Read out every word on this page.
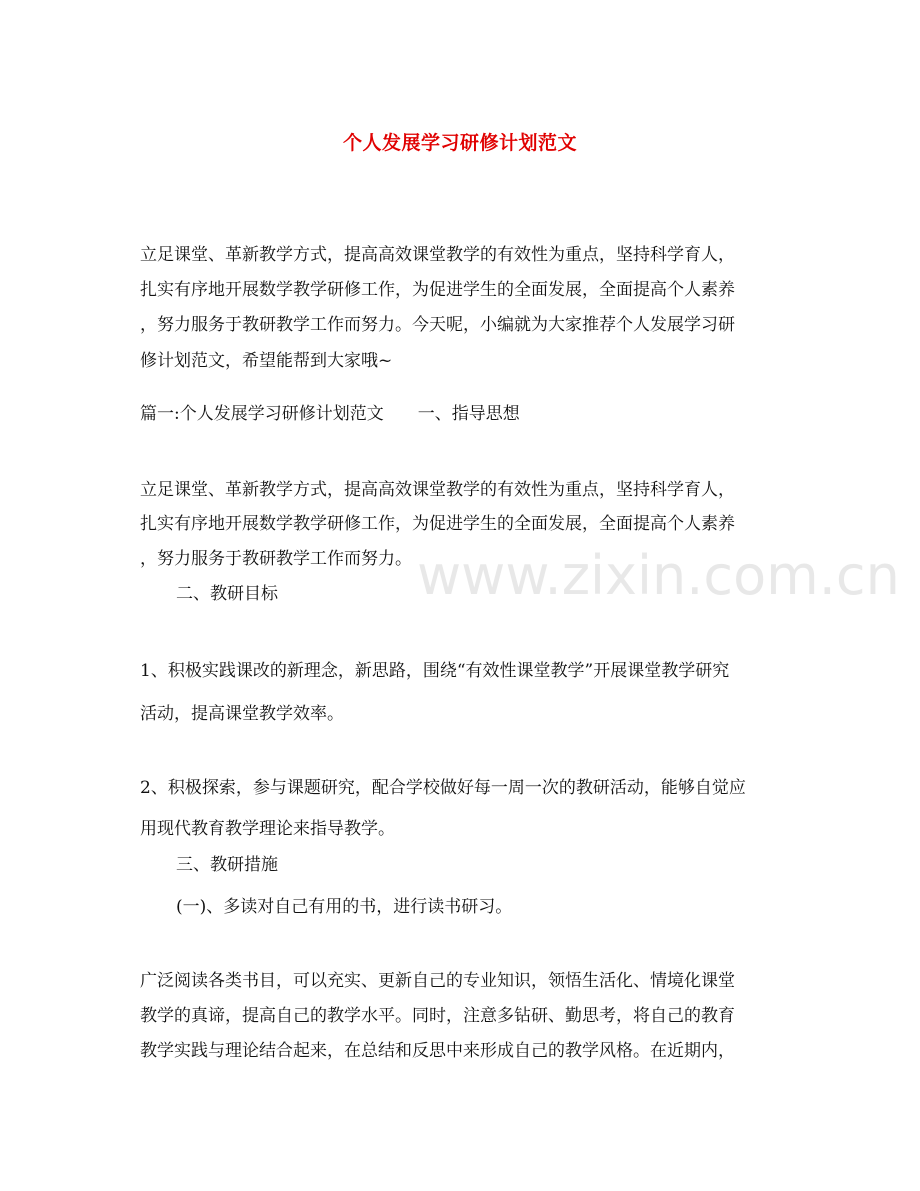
个人发展学习研修计划范文
立足课堂、革新教学方式，提高高效课堂教学的有效性为重点，坚持科学育人，
扎实有序地开展数学教学研修工作，为促进学生的全面发展，全面提高个人素养
，努力服务于教研教学工作而努力。今天呢，小编就为大家推荐个人发展学习研
修计划范文，希望能帮到大家哦~
篇一:个人发展学习研修计划范文　　一、指导思想
立足课堂、革新教学方式，提高高效课堂教学的有效性为重点，坚持科学育人，
扎实有序地开展数学教学研修工作，为促进学生的全面发展，全面提高个人素养
，努力服务于教研教学工作而努力。
二、教研目标
1、积极实践课改的新理念，新思路，围绕“有效性课堂教学”开展课堂教学研究
活动，提高课堂教学效率。
2、积极探索，参与课题研究，配合学校做好每一周一次的教研活动，能够自觉应
用现代教育教学理论来指导教学。
三、教研措施
(一)、多读对自己有用的书，进行读书研习。
广泛阅读各类书目，可以充实、更新自己的专业知识，领悟生活化、情境化课堂
教学的真谛，提高自己的教学水平。同时，注意多钻研、勤思考，将自己的教育
教学实践与理论结合起来，在总结和反思中来形成自己的教学风格。在近期内，
www.zixin.com.cn
